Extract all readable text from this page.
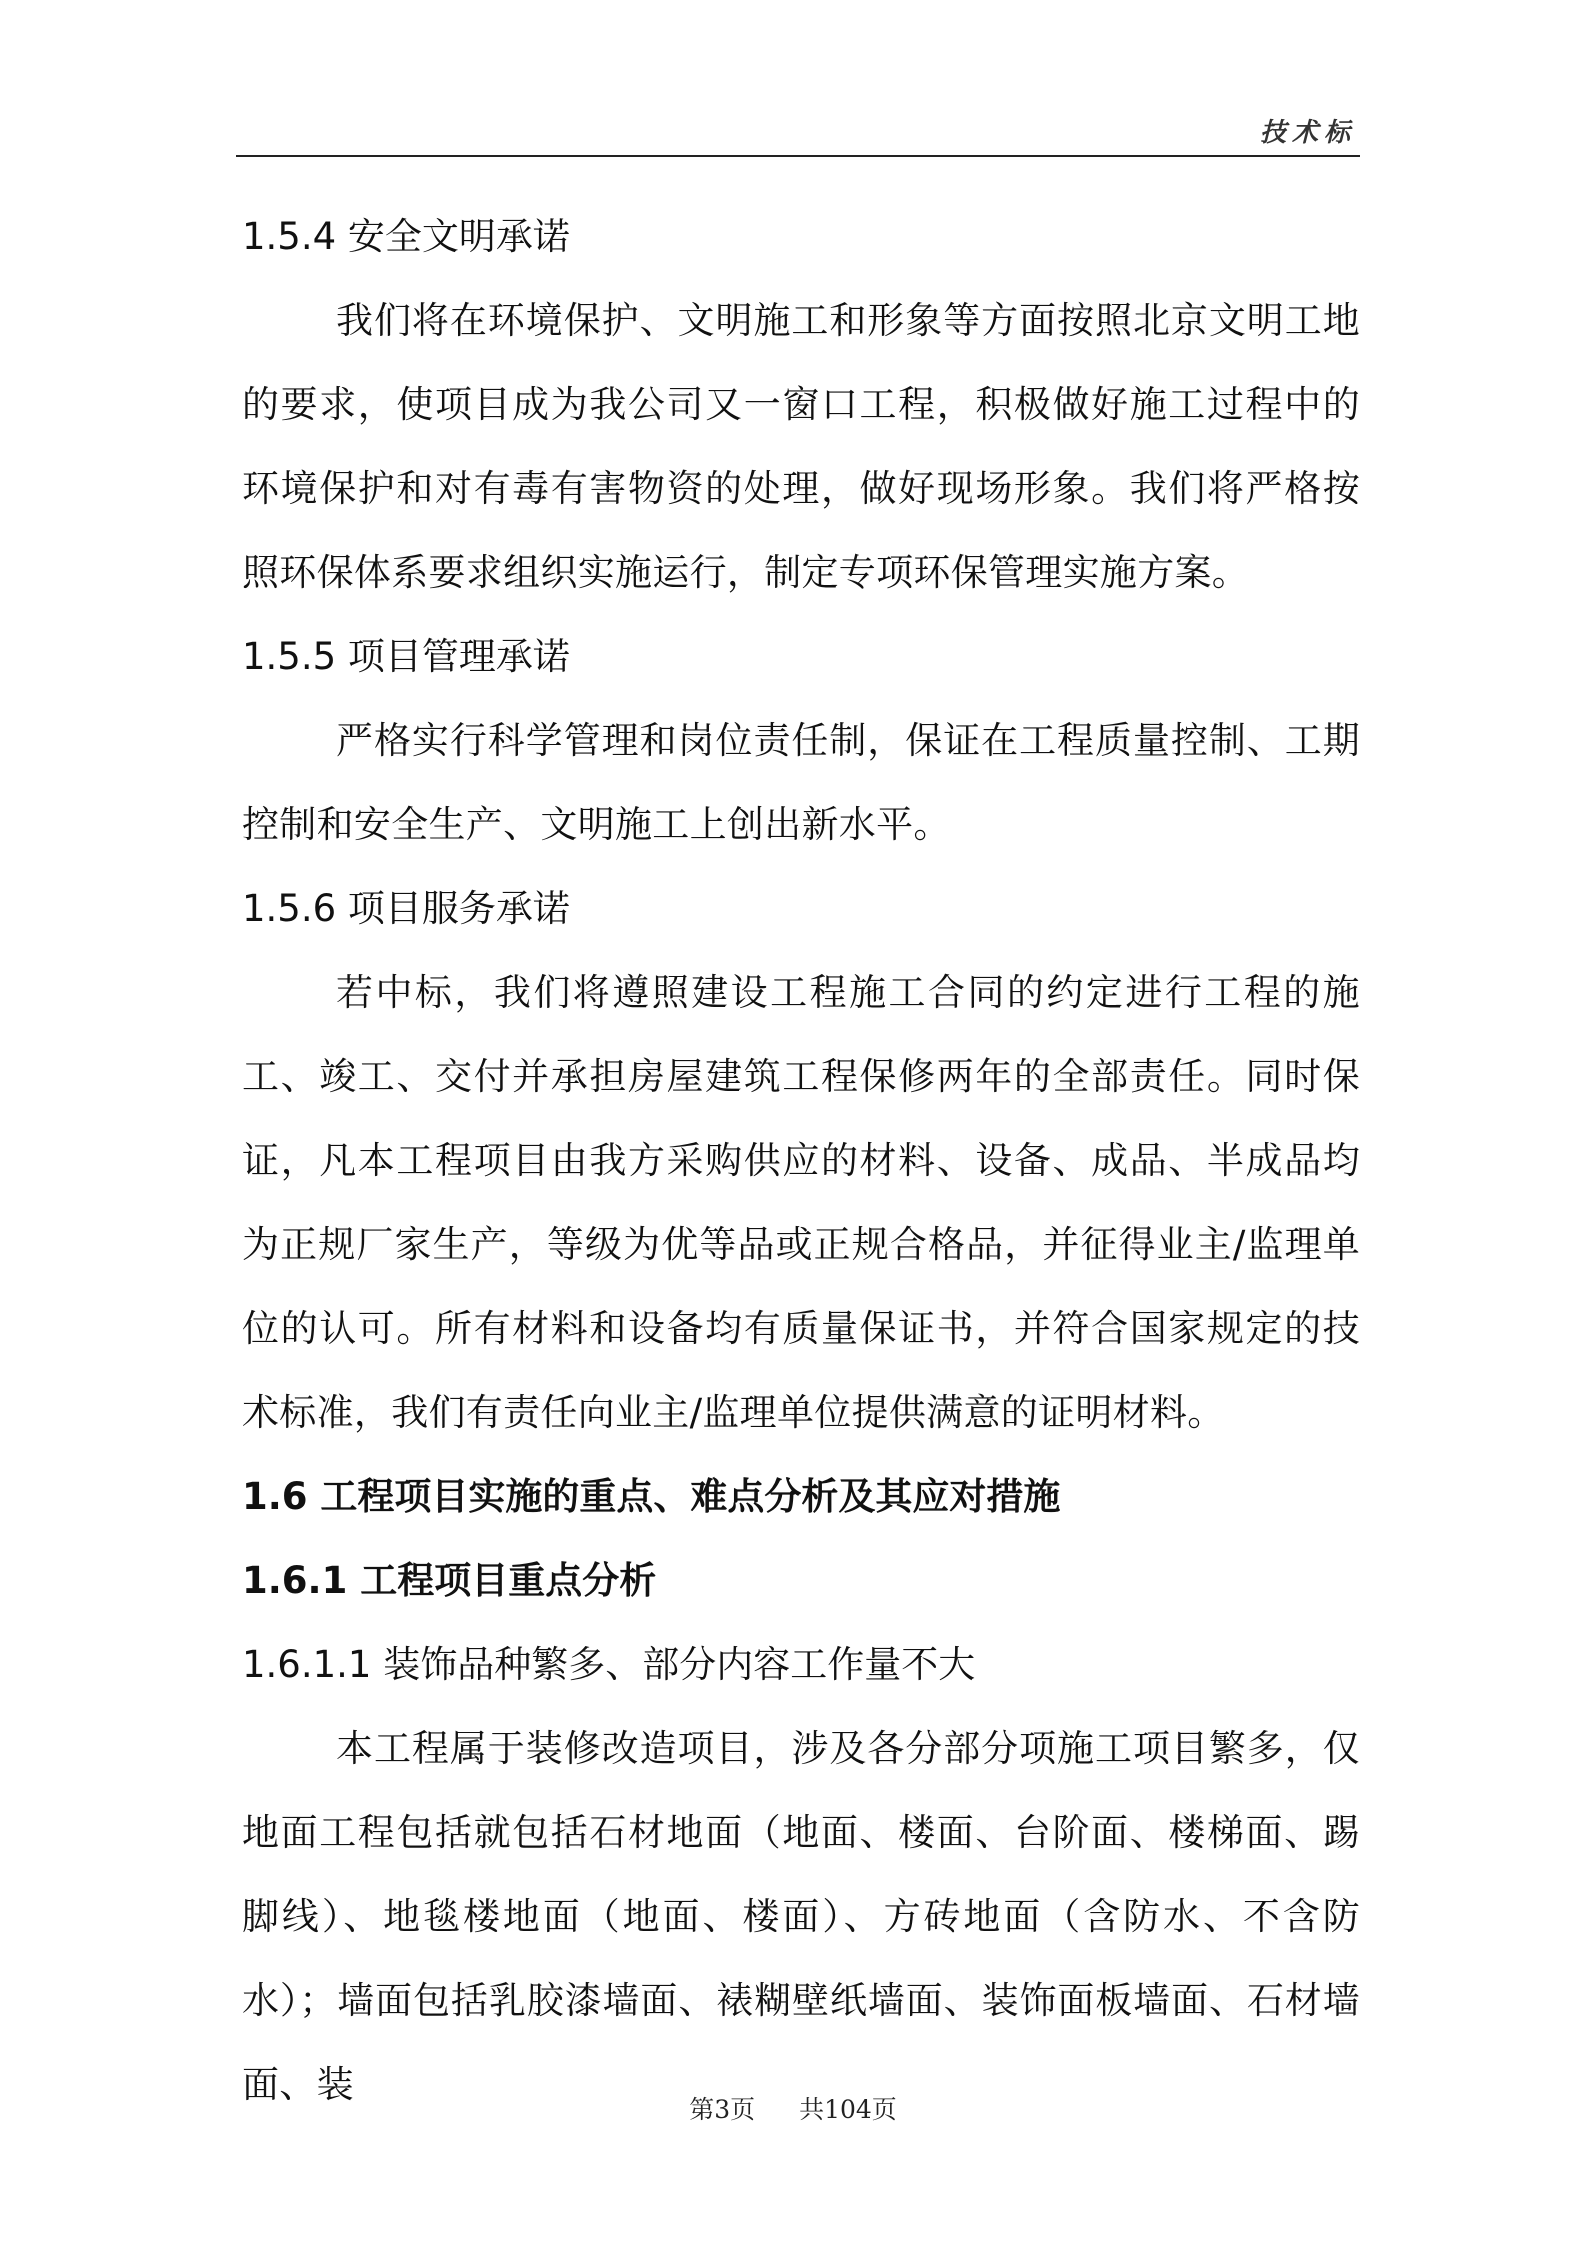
技术标
1.5.4 安全文明承诺

我们将在环境保护、文明施工和形象等方面按照北京文明工地的要求，使项目成为我公司又一窗口工程，积极做好施工过程中的环境保护和对有毒有害物资的处理，做好现场形象。我们将严格按照环保体系要求组织实施运行，制定专项环保管理实施方案。

1.5.5 项目管理承诺

严格实行科学管理和岗位责任制，保证在工程质量控制、工期控制和安全生产、文明施工上创出新水平。

1.5.6 项目服务承诺

若中标，我们将遵照建设工程施工合同的约定进行工程的施工、竣工、交付并承担房屋建筑工程保修两年的全部责任。同时保证，凡本工程项目由我方采购供应的材料、设备、成品、半成品均为正规厂家生产，等级为优等品或正规合格品，并征得业主/监理单位的认可。所有材料和设备均有质量保证书，并符合国家规定的技术标准，我们有责任向业主/监理单位提供满意的证明材料。

1.6 工程项目实施的重点、难点分析及其应对措施
1.6.1 工程项目重点分析
1.6.1.1 装饰品种繁多、部分内容工作量不大

本工程属于装修改造项目，涉及各分部分项施工项目繁多，仅地面工程包括就包括石材地面（地面、楼面、台阶面、楼梯面、踢脚线）、地毯楼地面（地面、楼面）、方砖地面（含防水、不含防水）；墙面包括乳胶漆墙面、裱糊壁纸墙面、装饰面板墙面、石材墙面、装

第3页 共104页
